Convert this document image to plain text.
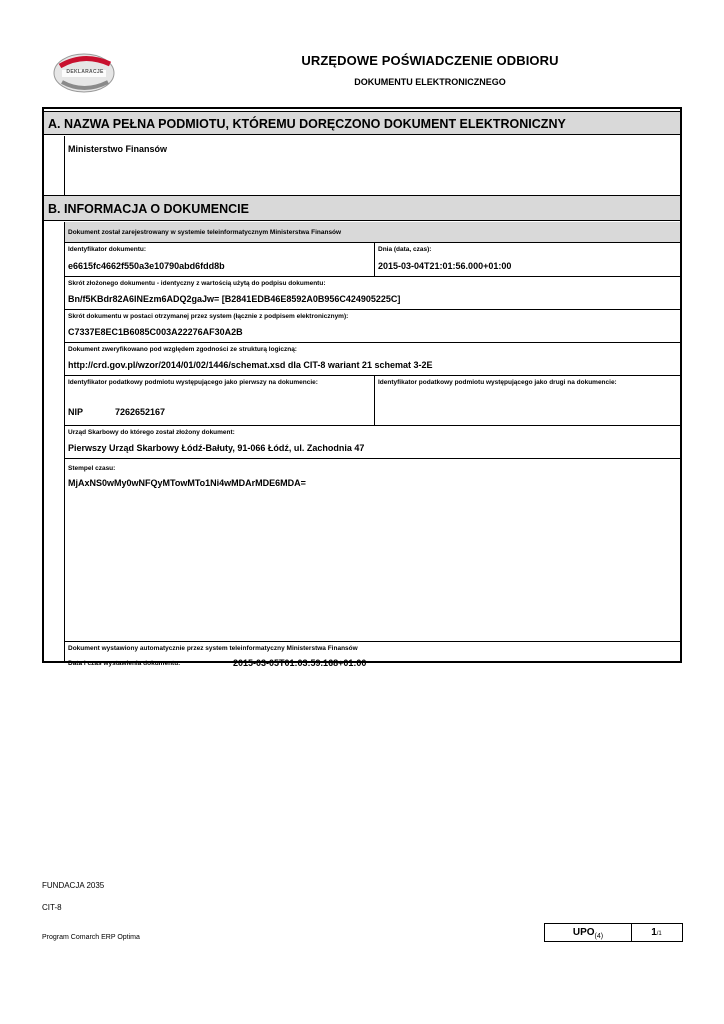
DEKLARACJE
URZĘDOWE POŚWIADCZENIE ODBIORU
DOKUMENTU ELEKTRONICZNEGO
A. NAZWA PEŁNA PODMIOTU, KTÓREMU DORĘCZONO DOKUMENT ELEKTRONICZNY
Ministerstwo Finansów
B. INFORMACJA O DOKUMENCIE
Dokument został zarejestrowany w systemie teleinformatycznym Ministerstwa Finansów
Identyfikator dokumentu:
e6615fc4662f550a3e10790abd6fdd8b
Dnia (data, czas):
2015-03-04T21:01:56.000+01:00
Skrót złożonego dokumentu - identyczny z wartością użytą do podpisu dokumentu:
Bn/f5KBdr82A6lNEzm6ADQ2gaJw= [B2841EDB46E8592A0B956C424905225C]
Skrót dokumentu w postaci otrzymanej przez system (łącznie z podpisem elektronicznym):
C7337E8EC1B6085C003A22276AF30A2B
Dokument zweryfikowano pod względem zgodności ze strukturą logiczną:
http://crd.gov.pl/wzor/2014/01/02/1446/schemat.xsd dla CIT-8 wariant 21 schemat 3-2E
Identyfikator podatkowy podmiotu występującego jako pierwszy na dokumencie:
NIP	7262652167
Identyfikator podatkowy podmiotu występującego jako drugi na dokumencie:
Urząd Skarbowy do którego został złożony dokument:
Pierwszy Urząd Skarbowy Łódź-Bałuty, 91-066 Łódź, ul. Zachodnia 47
Stempel czasu:
MjAxNS0wMy0wNFQyMTowMTo1Ni4wMDArMDE6MDA=
Dokument wystawiony automatycznie przez system teleinformatyczny Ministerstwa Finansów
Data i czas wystawienia dokumentu:	2015-03-05T01:03:59.168+01:00
FUNDACJA 2035
CIT-8
Program Comarch ERP Optima	$UPO_{(4)}$	1/1
